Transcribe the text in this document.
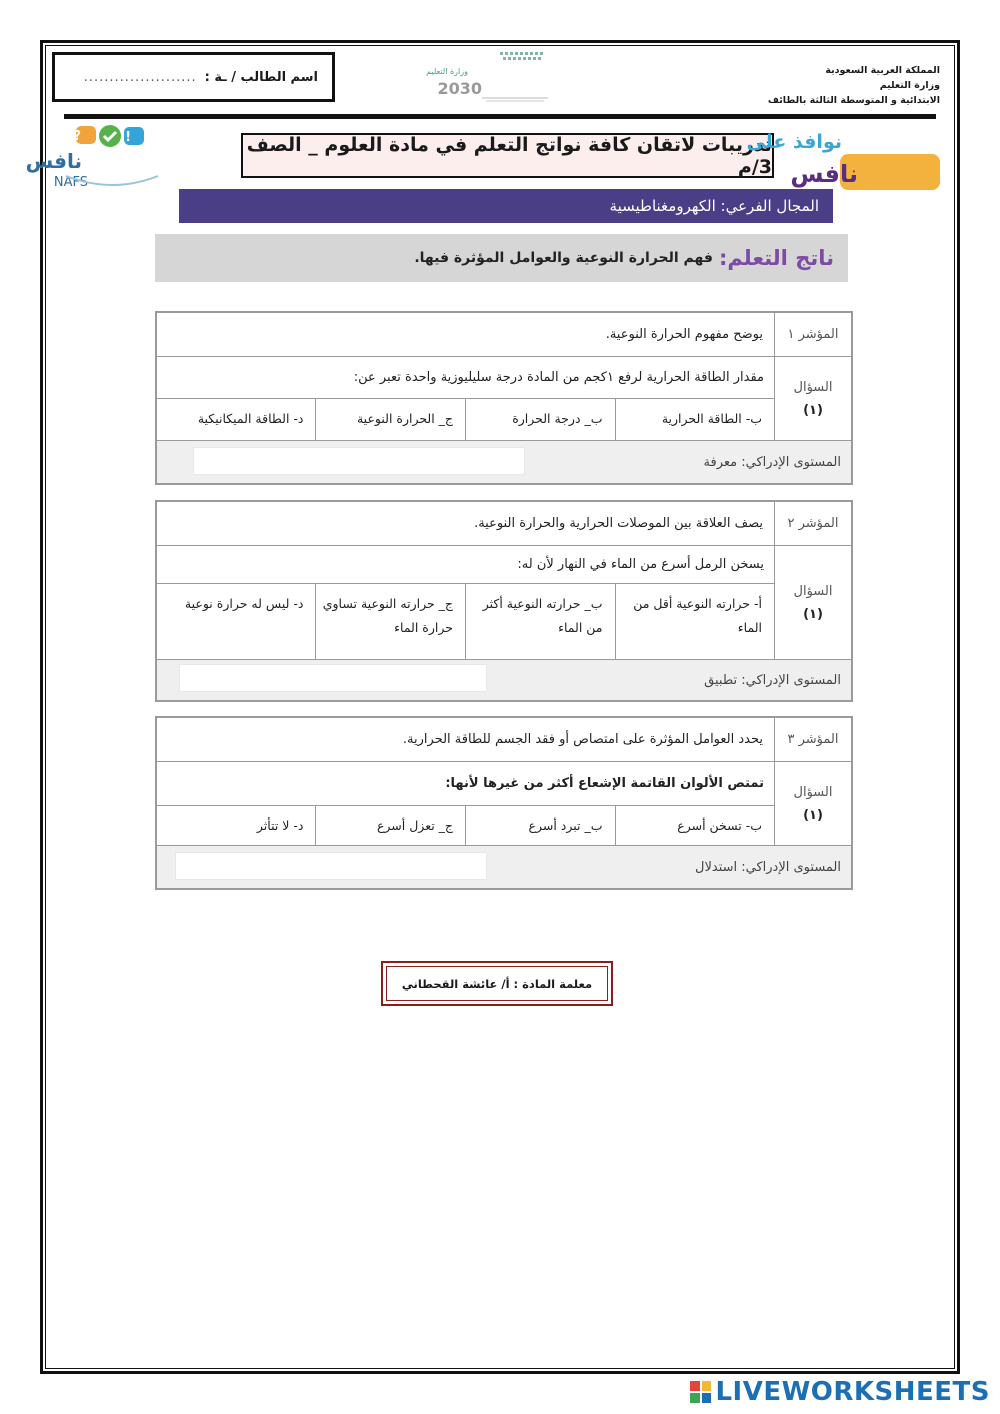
المملكة العربية السعودية
وزارة التعليم
الابتدائية و المتوسطة الثالثة بالطائف
وزارة التعليم
2030
اسم الطالب / ـة :
......................
?	!
نافس
NAFS
تدريبات لاتقان كافة نواتج التعلم في مادة العلوم _ الصف 3/م
نوافذ على
نافس
المجال الفرعي: الكهرومغناطيسية
ناتج التعلم:
فهم الحرارة النوعية والعوامل المؤثرة فيها.
المؤشر ١
يوضح مفهوم الحرارة النوعية.
السؤال
(١)
مقدار الطاقة الحرارية لرفع ١كجم من المادة درجة سليليوزية واحدة تعبر عن:
ب- الطاقة الحرارية
ب_ درجة الحرارة
ج_ الحرارة النوعية
د- الطاقة الميكانيكية
المستوى الإدراكي: معرفة
المؤشر ٢
يصف العلاقة بين الموصلات الحرارية والحرارة النوعية.
السؤال
(١)
يسخن الرمل أسرع من الماء في النهار لأن له:
أ- حرارته النوعية أقل من الماء
ب_ حرارته النوعية أكثر من الماء
ج_ حرارته النوعية تساوي حرارة الماء
د- ليس له حرارة نوعية
المستوى الإدراكي: تطبيق
المؤشر ٣
يحدد العوامل المؤثرة على امتصاص أو فقد الجسم للطاقة الحرارية.
السؤال
(١)
تمتص الألوان القاتمة الإشعاع أكثر من غيرها لأنها:
ب- تسخن أسرع
ب_ تبرد أسرع
ج_ تعزل أسرع
د- لا تتأثر
المستوى الإدراكي: استدلال
معلمة المادة : أ/ عائشة القحطاني
LIVEWORKSHEETS
